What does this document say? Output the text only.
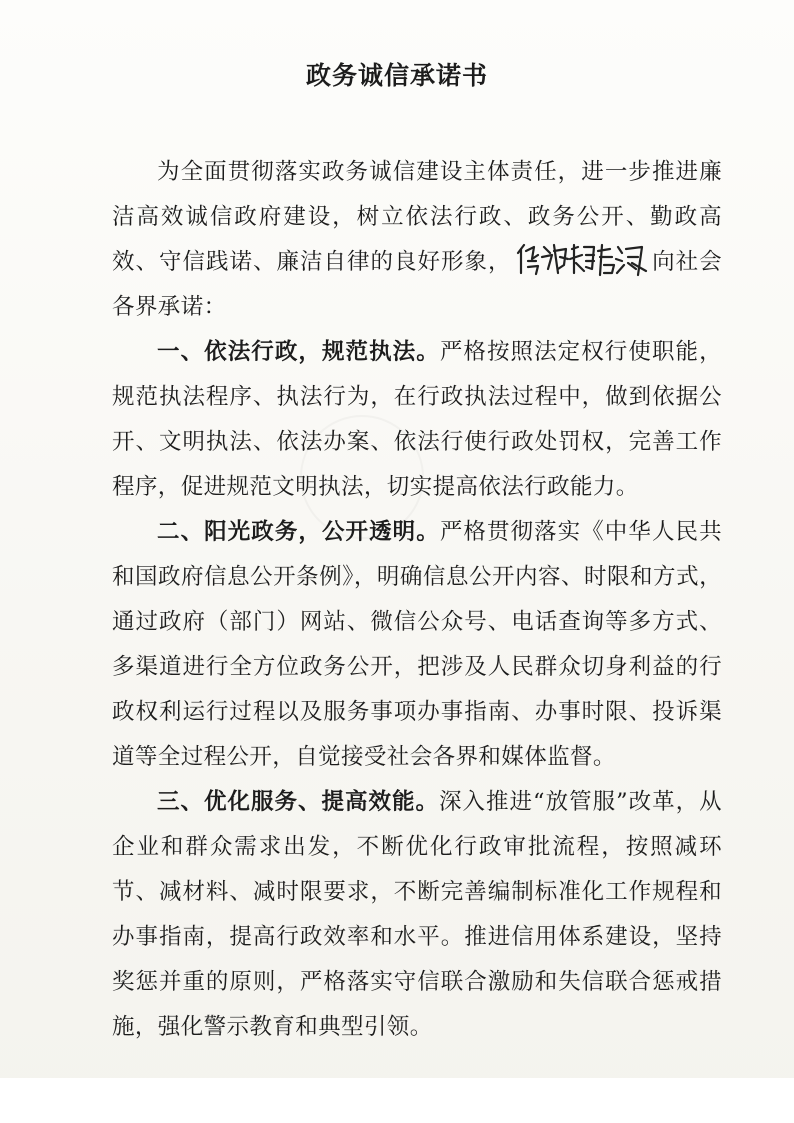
政务诚信承诺书

为全面贯彻落实政务诚信建设主体责任，进一步推进廉洁高效诚信政府建设，树立依法行政、政务公开、勤政高效、守信践诺、廉洁自律的良好形象，	向社会各界承诺：

一、依法行政，规范执法。严格按照法定权行使职能，规范执法程序、执法行为，在行政执法过程中，做到依据公开、文明执法、依法办案、依法行使行政处罚权，完善工作程序，促进规范文明执法，切实提高依法行政能力。

二、阳光政务，公开透明。严格贯彻落实《中华人民共和国政府信息公开条例》，明确信息公开内容、时限和方式，通过政府（部门）网站、微信公众号、电话查询等多方式、多渠道进行全方位政务公开，把涉及人民群众切身利益的行政权利运行过程以及服务事项办事指南、办事时限、投诉渠道等全过程公开，自觉接受社会各界和媒体监督。

三、优化服务、提高效能。深入推进“放管服”改革，从企业和群众需求出发，不断优化行政审批流程，按照减环节、减材料、减时限要求，不断完善编制标准化工作规程和办事指南，提高行政效率和水平。推进信用体系建设，坚持奖惩并重的原则，严格落实守信联合激励和失信联合惩戒措施，强化警示教育和典型引领。
